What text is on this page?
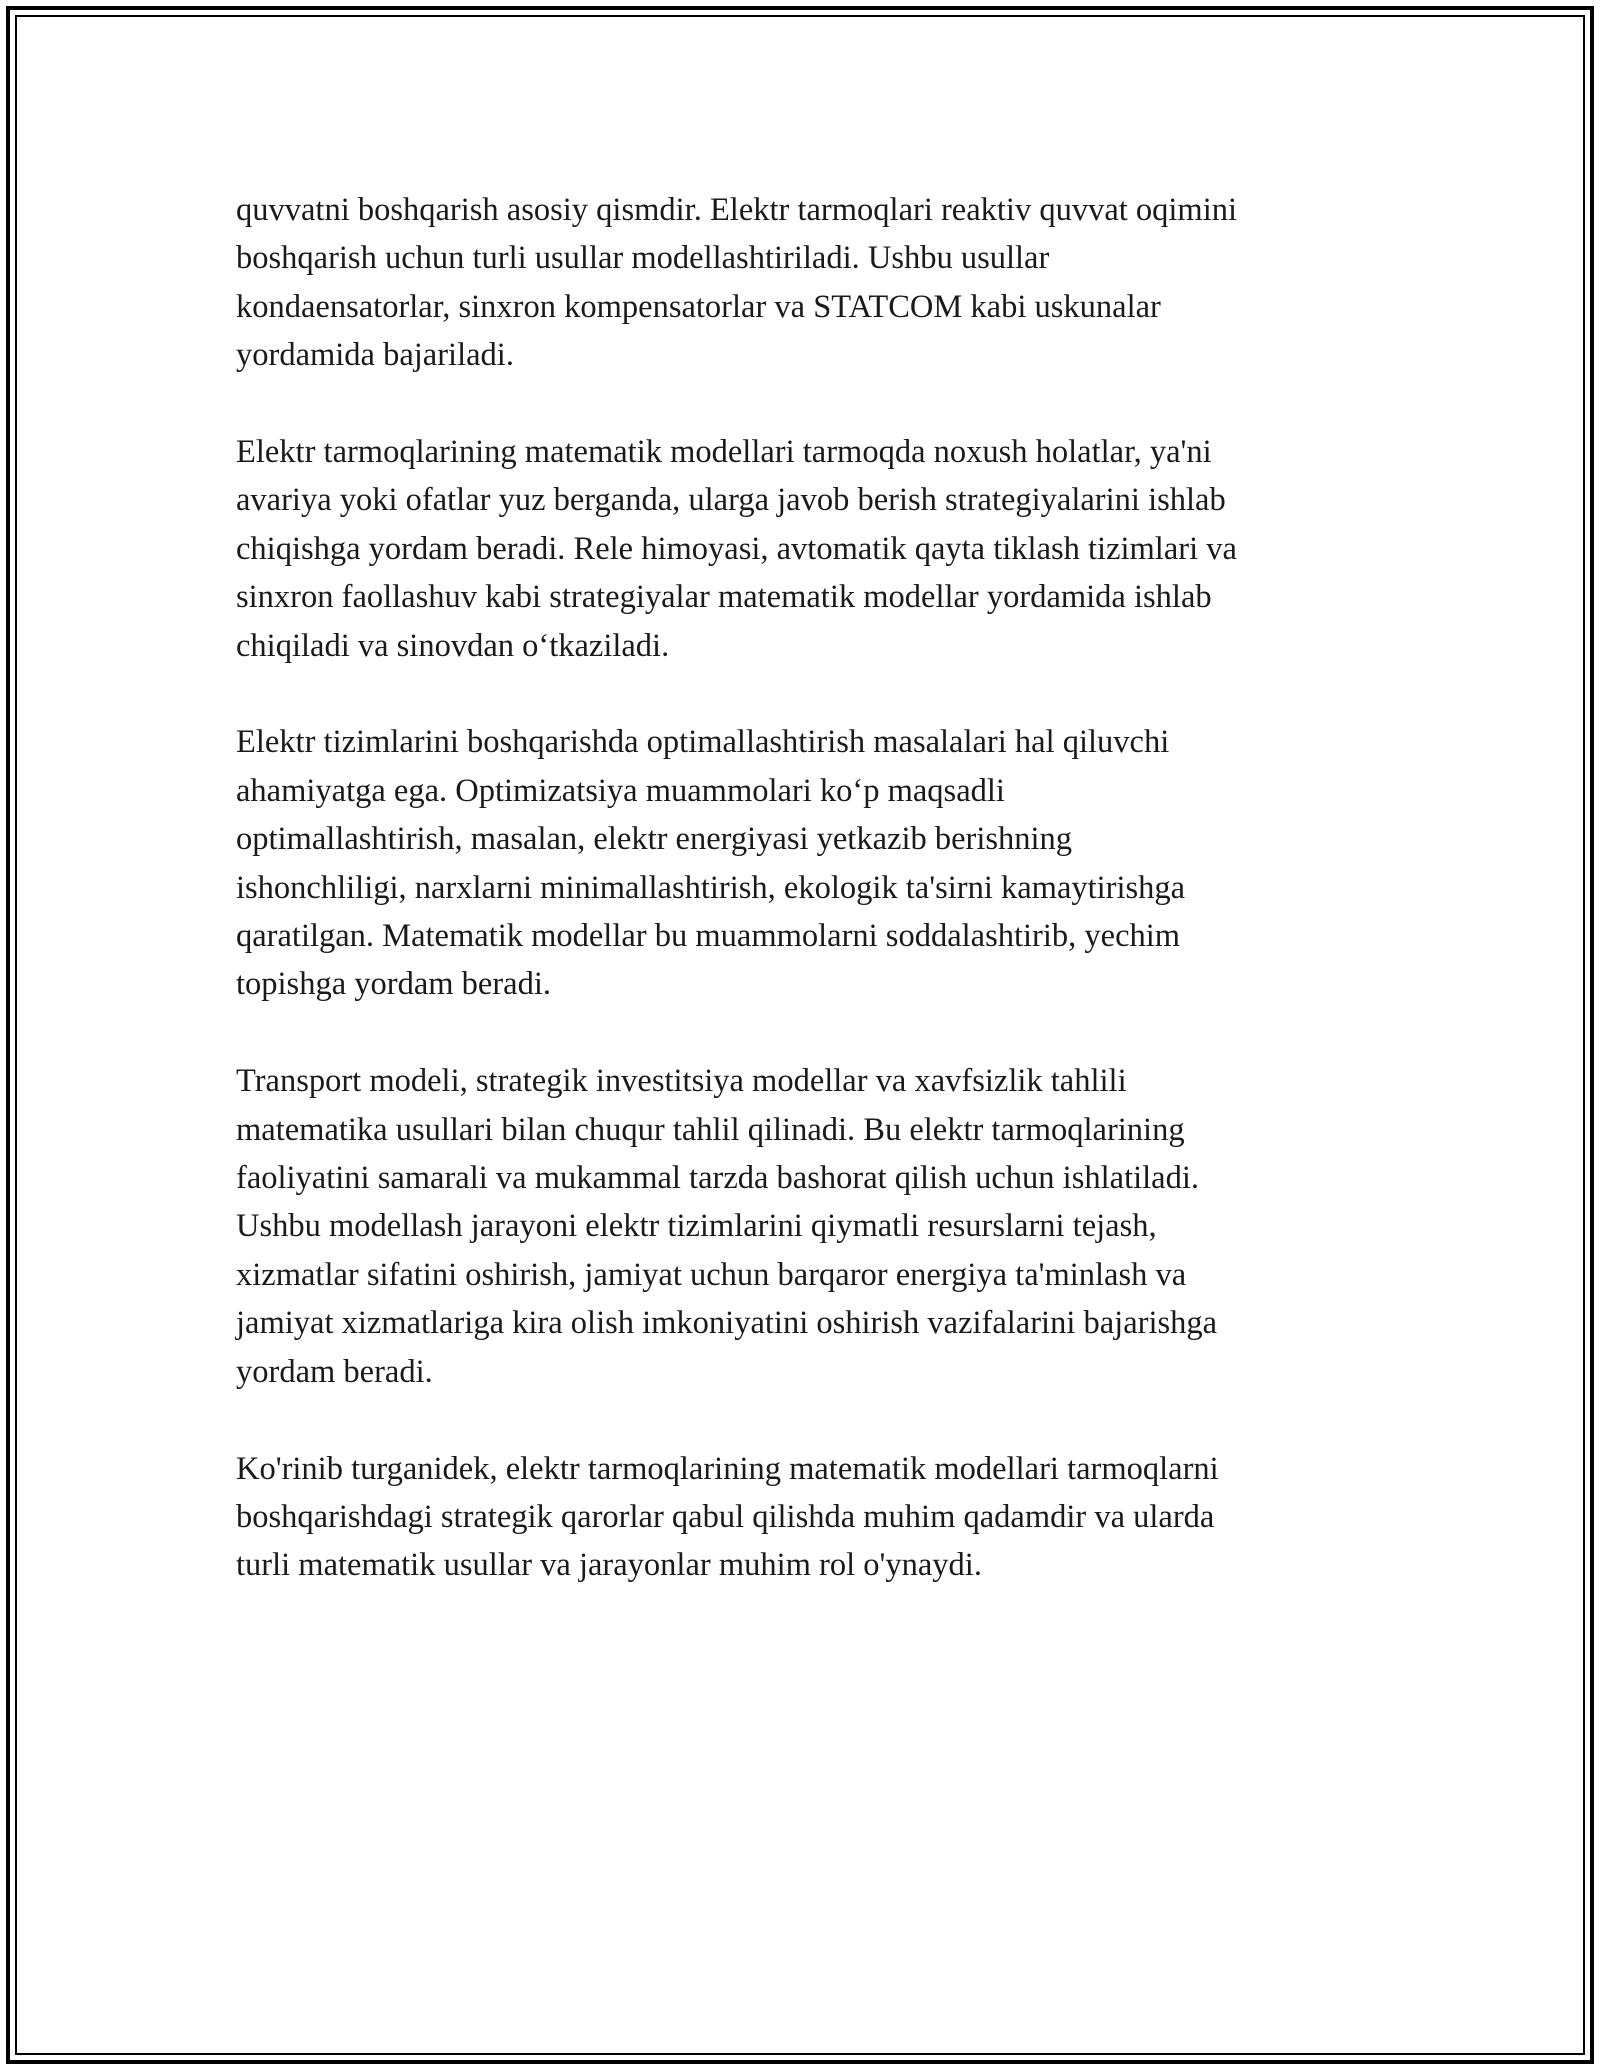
quvvatni boshqarish asosiy qismdir. Elektr tarmoqlari reaktiv quvvat oqimini
boshqarish uchun turli usullar modellashtiriladi. Ushbu usullar
kondaensatorlar, sinxron kompensatorlar va STATCOM kabi uskunalar
yordamida bajariladi.

Elektr tarmoqlarining matematik modellari tarmoqda noxush holatlar, ya'ni
avariya yoki ofatlar yuz berganda, ularga javob berish strategiyalarini ishlab
chiqishga yordam beradi. Rele himoyasi, avtomatik qayta tiklash tizimlari va
sinxron faollashuv kabi strategiyalar matematik modellar yordamida ishlab
chiqiladi va sinovdan o‘tkaziladi.

Elektr tizimlarini boshqarishda optimallashtirish masalalari hal qiluvchi
ahamiyatga ega. Optimizatsiya muammolari ko‘p maqsadli
optimallashtirish, masalan, elektr energiyasi yetkazib berishning
ishonchliligi, narxlarni minimallashtirish, ekologik ta'sirni kamaytirishga
qaratilgan. Matematik modellar bu muammolarni soddalashtirib, yechim
topishga yordam beradi.

Transport modeli, strategik investitsiya modellar va xavfsizlik tahlili
matematika usullari bilan chuqur tahlil qilinadi. Bu elektr tarmoqlarining
faoliyatini samarali va mukammal tarzda bashorat qilish uchun ishlatiladi.
Ushbu modellash jarayoni elektr tizimlarini qiymatli resurslarni tejash,
xizmatlar sifatini oshirish, jamiyat uchun barqaror energiya ta'minlash va
jamiyat xizmatlariga kira olish imkoniyatini oshirish vazifalarini bajarishga
yordam beradi.

Ko'rinib turganidek, elektr tarmoqlarining matematik modellari tarmoqlarni
boshqarishdagi strategik qarorlar qabul qilishda muhim qadamdir va ularda
turli matematik usullar va jarayonlar muhim rol o'ynaydi.
